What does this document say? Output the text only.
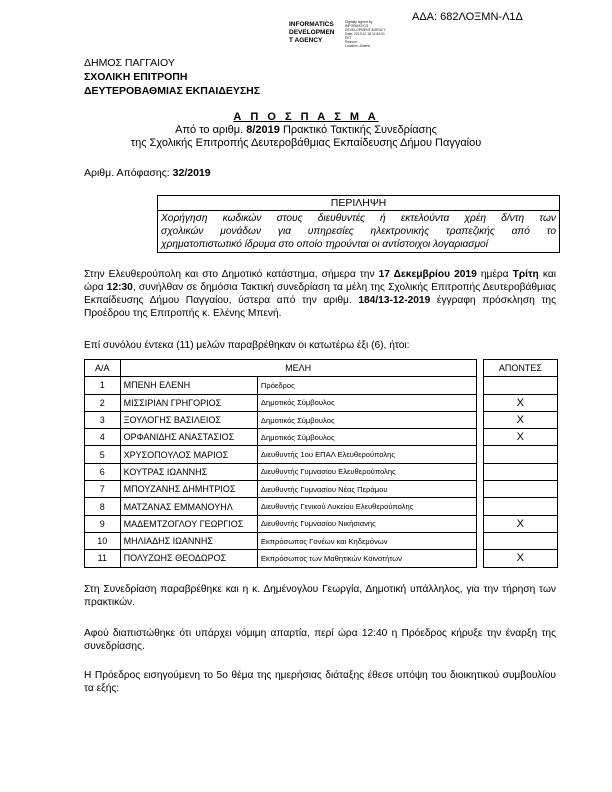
ΑΔΑ: 682ΛΟΞΜΝ-Λ1Δ
INFORMATICS
DEVELOPMEN
T AGENCY
Digitally signed by
INFORMATICS
DEVELOPMENT AGENCY
Date: 2019.12.18 11:54:01
EET
Reason:
Location: Athens
ΔΗΜΟΣ ΠΑΓΓΑΙΟΥ
ΣΧΟΛΙΚΗ ΕΠΙΤΡΟΠΗ
ΔΕΥΤΕΡΟΒΑΘΜΙΑΣ ΕΚΠΑΙΔΕΥΣΗΣ
Α Π Ο Σ Π Α Σ Μ Α
Από το αριθμ. 8/2019 Πρακτικό Τακτικής Συνεδρίασης
της Σχολικής Επιτροπής Δευτεροβάθμιας Εκπαίδευσης Δήμου Παγγαίου
Αριθμ. Απόφασης: 32/2019
ΠΕΡΙΛΗΨΗ
Χορήγηση κωδικών στους διευθυντές ή εκτελούντα χρέη δ/ντη των
σχολικών μονάδων για υπηρεσίες ηλεκτρονικής τραπεζικής από το
χρηματοπιστωτικό ίδρυμα στο οποίο τηρούνται οι αντίστοιχοι λογαριασμοί
Στην Ελευθερούπολη και στο Δημοτικό κατάστημα, σήμερα την 17 Δεκεμβρίου 2019 ημέρα Τρίτη και ώρα 12:30, συνήλθαν σε δημόσια Τακτική συνεδρίαση τα μέλη της Σχολικής Επιτροπής Δευτεροβάθμιας Εκπαίδευσης Δήμου Παγγαίου, ύστερα από την αριθμ. 184/13-12-2019 έγγραφη πρόσκληση της Προέδρου της Επιτροπής κ. Ελένης Μπενή.
Επί συνόλου έντεκα (11) μελών παραβρέθηκαν οι κατωτέρω έξι (6), ήτοι:
Α/Α	ΜΕΛΗ			ΑΠΟΝΤΕΣ
1	ΜΠΕΝΗ ΕΛΕΝΗ	Πρόεδρος		
2	ΜΙΣΣΙΡΙΑΝ ΓΡΗΓΟΡΙΟΣ	Δημοτικός Σύμβουλος		Χ
3	ΞΟΥΛΟΓΗΣ ΒΑΣΙΛΕΙΟΣ	Δημοτικός Σύμβουλος		Χ
4	ΟΡΦΑΝΙΔΗΣ ΑΝΑΣΤΑΣΙΟΣ	Δημοτικός Σύμβουλος		Χ
5	ΧΡΥΣΟΠΟΥΛΟΣ ΜΑΡΙΟΣ	Διευθυντής 1ου ΕΠΑΛ Ελευθερούπολης		
6	ΚΟΥΤΡΑΣ ΙΩΑΝΝΗΣ	Διευθυντής Γυμνασίου Ελευθερούπολης		
7	ΜΠΟΥΖΑΝΗΣ ΔΗΜΗΤΡΙΟΣ	Διευθυντής Γυμνασίου Νέας Περάμου		
8	ΜΑΤΖΑΝΑΣ ΕΜΜΑΝΟΥΗΛ	Διευθυντής Γενικού Λυκείου Ελευθερούπολης		
9	ΜΑΔΕΜΤΖΟΓΛΟΥ ΓΕΩΡΓΙΟΣ	Διευθυντής Γυμνασίου Νικήσιανης		Χ
10	ΜΗΛΙΑΔΗΣ ΙΩΑΝΝΗΣ	Εκπρόσωπος Γονέων και Κηδεμόνων		
11	ΠΟΛΥΖΩΗΣ ΘΕΟΔΩΡΟΣ	Εκπρόσωπος των Μαθητικών Κοινοτήτων		Χ
Στη Συνεδρίαση παραβρέθηκε και η κ. Δημένογλου Γεωργία, Δημοτική υπάλληλος, για την τήρηση των πρακτικών.
Αφού διαπιστώθηκε ότι υπάρχει νόμιμη απαρτία, περί ώρα 12:40 η Πρόεδρος κήρυξε την έναρξη της συνεδρίασης.
Η Πρόεδρος εισηγούμενη το 5ο θέμα της ημερήσιας διάταξης έθεσε υπόψη του διοικητικού συμβουλίου τα εξής:
